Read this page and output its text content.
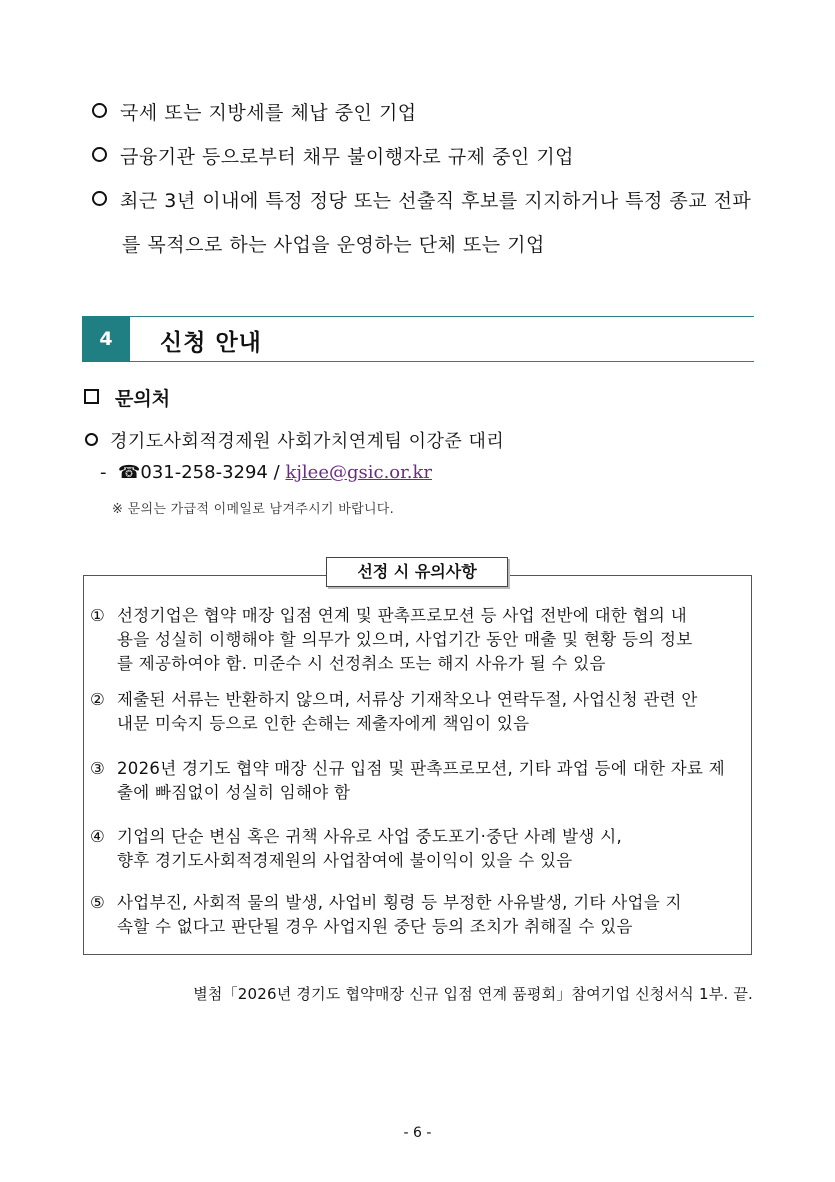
국세 또는 지방세를 체납 중인 기업
금융기관 등으로부터 채무 불이행자로 규제 중인 기업
최근 3년 이내에 특정 정당 또는 선출직 후보를 지지하거나 특정 종교 전파
를 목적으로 하는 사업을 운영하는 단체 또는 기업
4	신청 안내
문의처
경기도사회적경제원 사회가치연계팀 이강준 대리
- ☎031-258-3294 / kjlee@gsic.or.kr
※ 문의는 가급적 이메일로 남겨주시기 바랍니다.
선정 시 유의사항
① 선정기업은 협약 매장 입점 연계 및 판촉프로모션 등 사업 전반에 대한 협의 내
용을 성실히 이행해야 할 의무가 있으며, 사업기간 동안 매출 및 현황 등의 정보
를 제공하여야 함. 미준수 시 선정취소 또는 해지 사유가 될 수 있음
② 제출된 서류는 반환하지 않으며, 서류상 기재착오나 연락두절, 사업신청 관련 안
내문 미숙지 등으로 인한 손해는 제출자에게 책임이 있음
③ 2026년 경기도 협약 매장 신규 입점 및 판촉프로모션, 기타 과업 등에 대한 자료 제
출에 빠짐없이 성실히 임해야 함
④ 기업의 단순 변심 혹은 귀책 사유로 사업 중도포기·중단 사례 발생 시,
향후 경기도사회적경제원의 사업참여에 불이익이 있을 수 있음
⑤ 사업부진, 사회적 물의 발생, 사업비 횡령 등 부정한 사유발생, 기타 사업을 지
속할 수 없다고 판단될 경우 사업지원 중단 등의 조치가 취해질 수 있음
별첨「2026년 경기도 협약매장 신규 입점 연계 품평회」참여기업 신청서식 1부. 끝.
- 6 -
